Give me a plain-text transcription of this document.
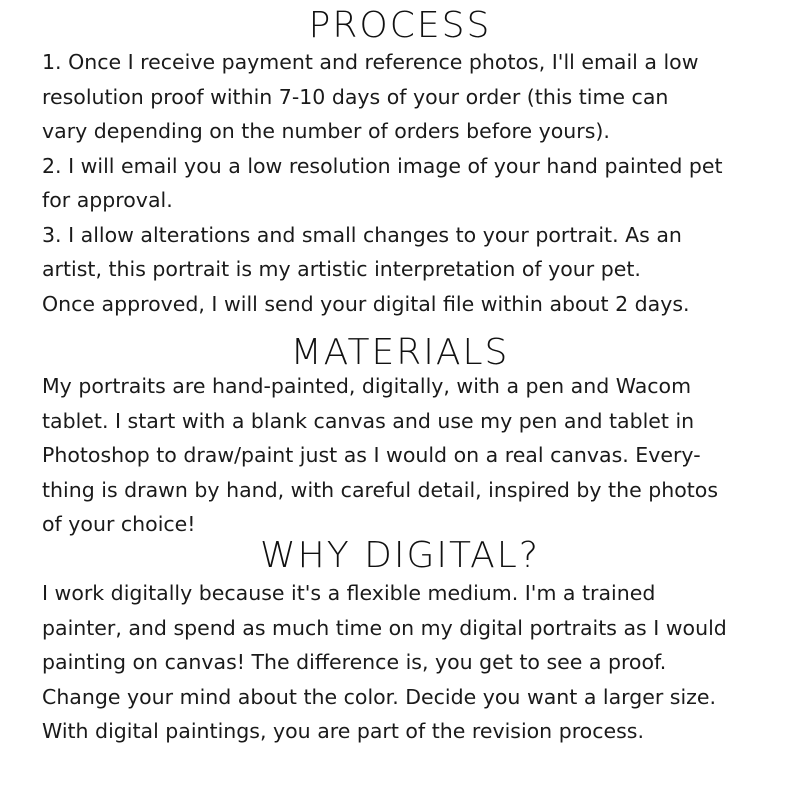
PROCESS

1. Once I receive payment and reference photos, I'll email a low

resolution proof within 7-10 days of your order (this time can

vary depending on the number of orders before yours).

2. I will email you a low resolution image of your hand painted pet

for approval.

3. I allow alterations and small changes to your portrait. As an

artist, this portrait is my artistic interpretation of your pet.

Once approved, I will send your digital file within about 2 days.

MATERIALS

My portraits are hand-painted, digitally, with a pen and Wacom

tablet. I start with a blank canvas and use my pen and tablet in

Photoshop to draw/paint just as I would on a real canvas. Every-

thing is drawn by hand, with careful detail, inspired by the photos

of your choice!

WHY DIGITAL?

I work digitally because it's a flexible medium. I'm a trained

painter, and spend as much time on my digital portraits as I would

painting on canvas! The difference is, you get to see a proof.

Change your mind about the color. Decide you want a larger size.

With digital paintings, you are part of the revision process.
